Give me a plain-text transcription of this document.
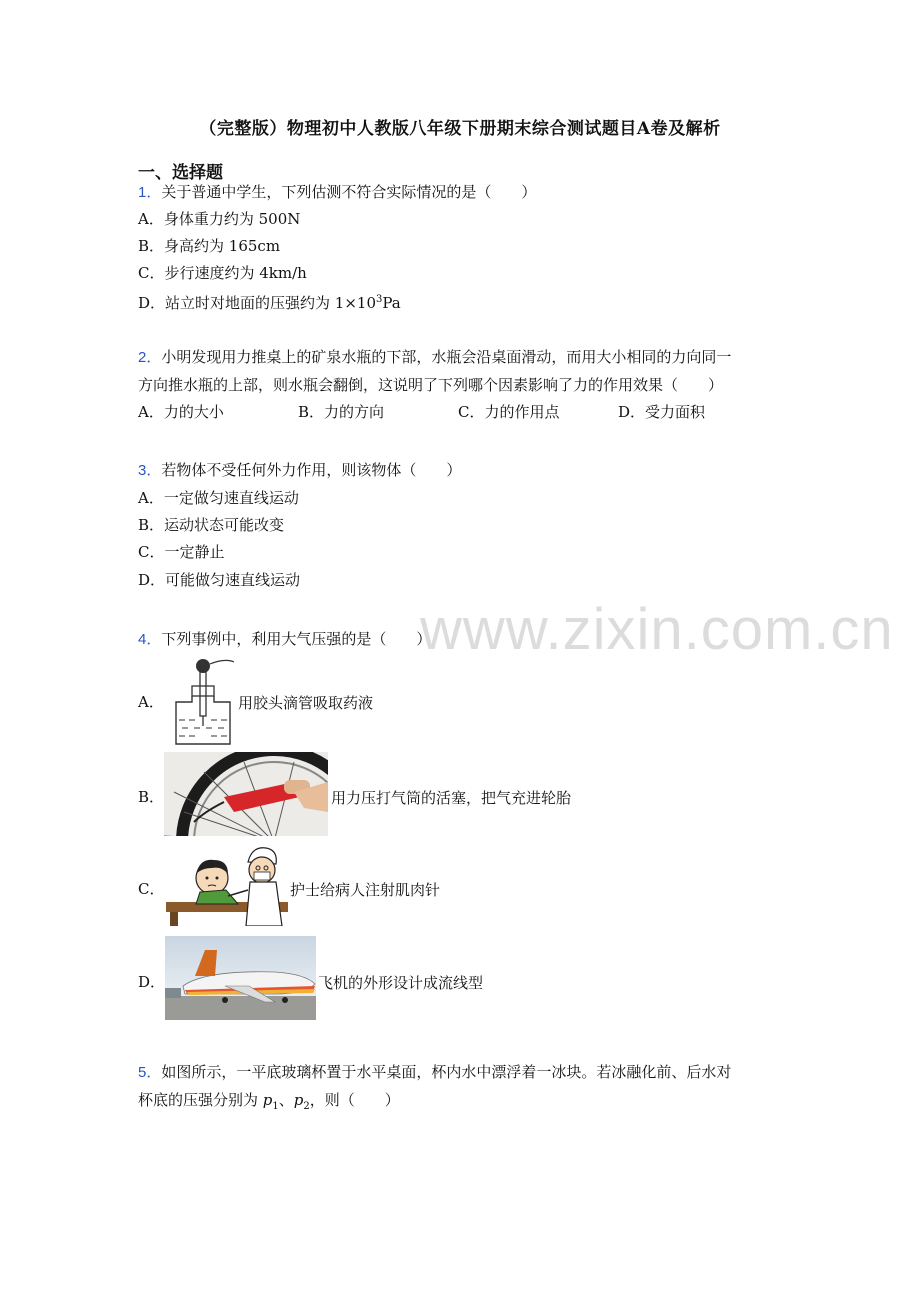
（完整版）物理初中人教版八年级下册期末综合测试题目A卷及解析
一、选择题
www.zixin.com.cn
1．关于普通中学生，下列估测不符合实际情况的是（　　）
A．身体重力约为 500N
B．身高约为 165cm
C．步行速度约为 4km/h
D．站立时对地面的压强约为 $1\times 10^3Pa$
2．小明发现用力推桌上的矿泉水瓶的下部，水瓶会沿桌面滑动，而用大小相同的力向同一
方向推水瓶的上部，则水瓶会翻倒，这说明了下列哪个因素影响了力的作用效果（　　）
A．力的大小	B．力的方向	C．力的作用点	D．受力面积
3．若物体不受任何外力作用，则该物体（　　）
A．一定做匀速直线运动
B．运动状态可能改变
C．一定静止
D．可能做匀速直线运动
4．下列事例中，利用大气压强的是（　　）
A．	用胶头滴管吸取药液
B．	用力压打气筒的活塞，把气充进轮胎
C．	护士给病人注射肌肉针
D．	飞机的外形设计成流线型
5．如图所示，一平底玻璃杯置于水平桌面，杯内水中漂浮着一冰块。若冰融化前、后水对
杯底的压强分别为 $p_1$、$p_2$，则（　　）
